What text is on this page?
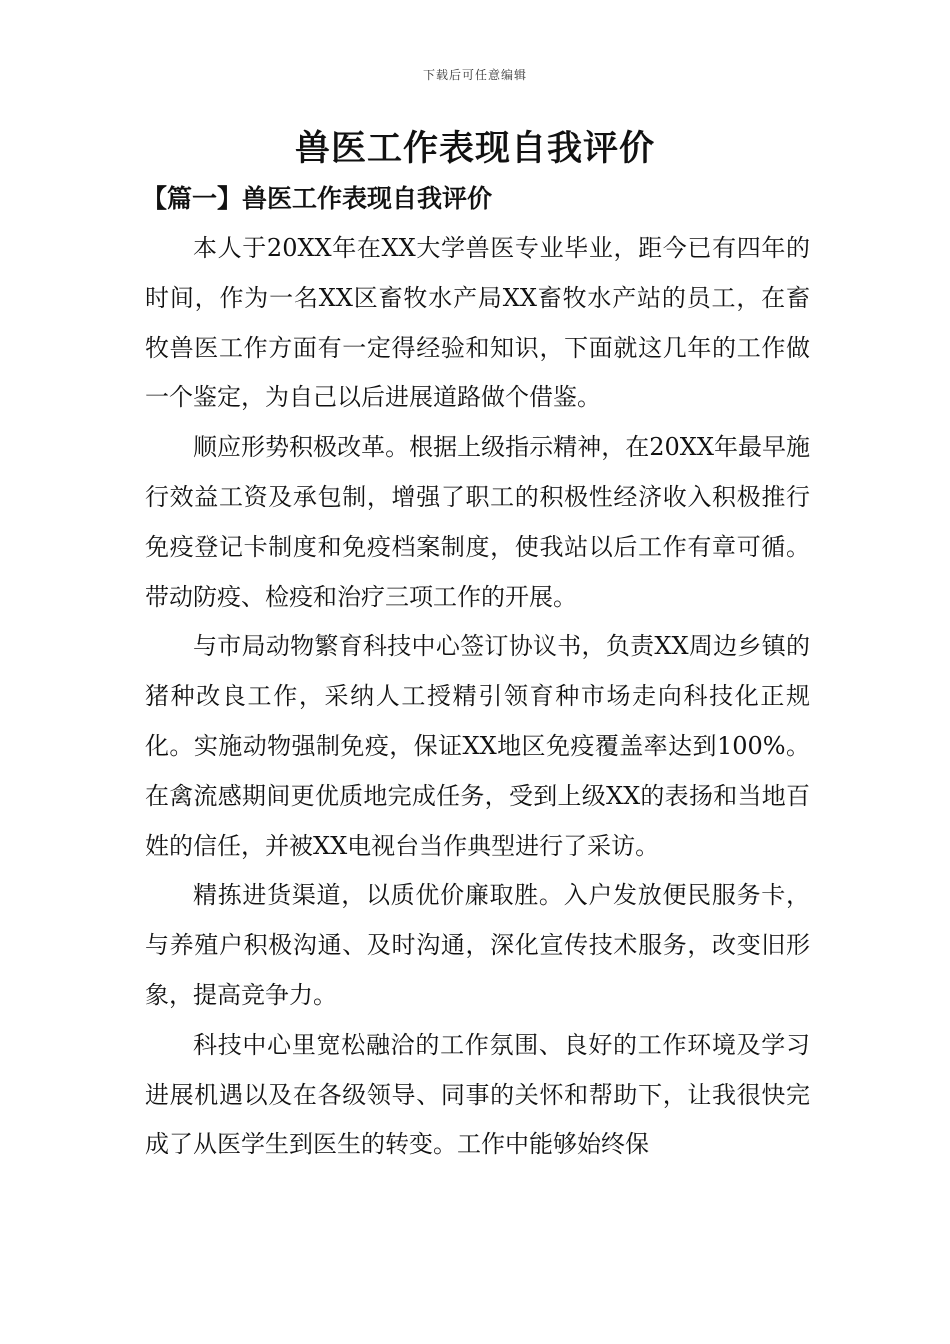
下载后可任意编辑
兽医工作表现自我评价
【篇一】兽医工作表现自我评价

本人于20XX年在XX大学兽医专业毕业，距今已有四年的时间，作为一名XX区畜牧水产局XX畜牧水产站的员工，在畜牧兽医工作方面有一定得经验和知识，下面就这几年的工作做一个鉴定，为自己以后进展道路做个借鉴。

顺应形势积极改革。根据上级指示精神，在20XX年最早施行效益工资及承包制，增强了职工的积极性经济收入积极推行免疫登记卡制度和免疫档案制度，使我站以后工作有章可循。带动防疫、检疫和治疗三项工作的开展。

与市局动物繁育科技中心签订协议书，负责XX周边乡镇的猪种改良工作，采纳人工授精引领育种市场走向科技化正规化。实施动物强制免疫，保证XX地区免疫覆盖率达到100%。在禽流感期间更优质地完成任务，受到上级XX的表扬和当地百姓的信任，并被XX电视台当作典型进行了采访。

精拣进货渠道，以质优价廉取胜。入户发放便民服务卡，与养殖户积极沟通、及时沟通，深化宣传技术服务，改变旧形象，提高竞争力。

科技中心里宽松融洽的工作氛围、良好的工作环境及学习进展机遇以及在各级领导、同事的关怀和帮助下，让我很快完成了从医学生到医生的转变。工作中能够始终保
